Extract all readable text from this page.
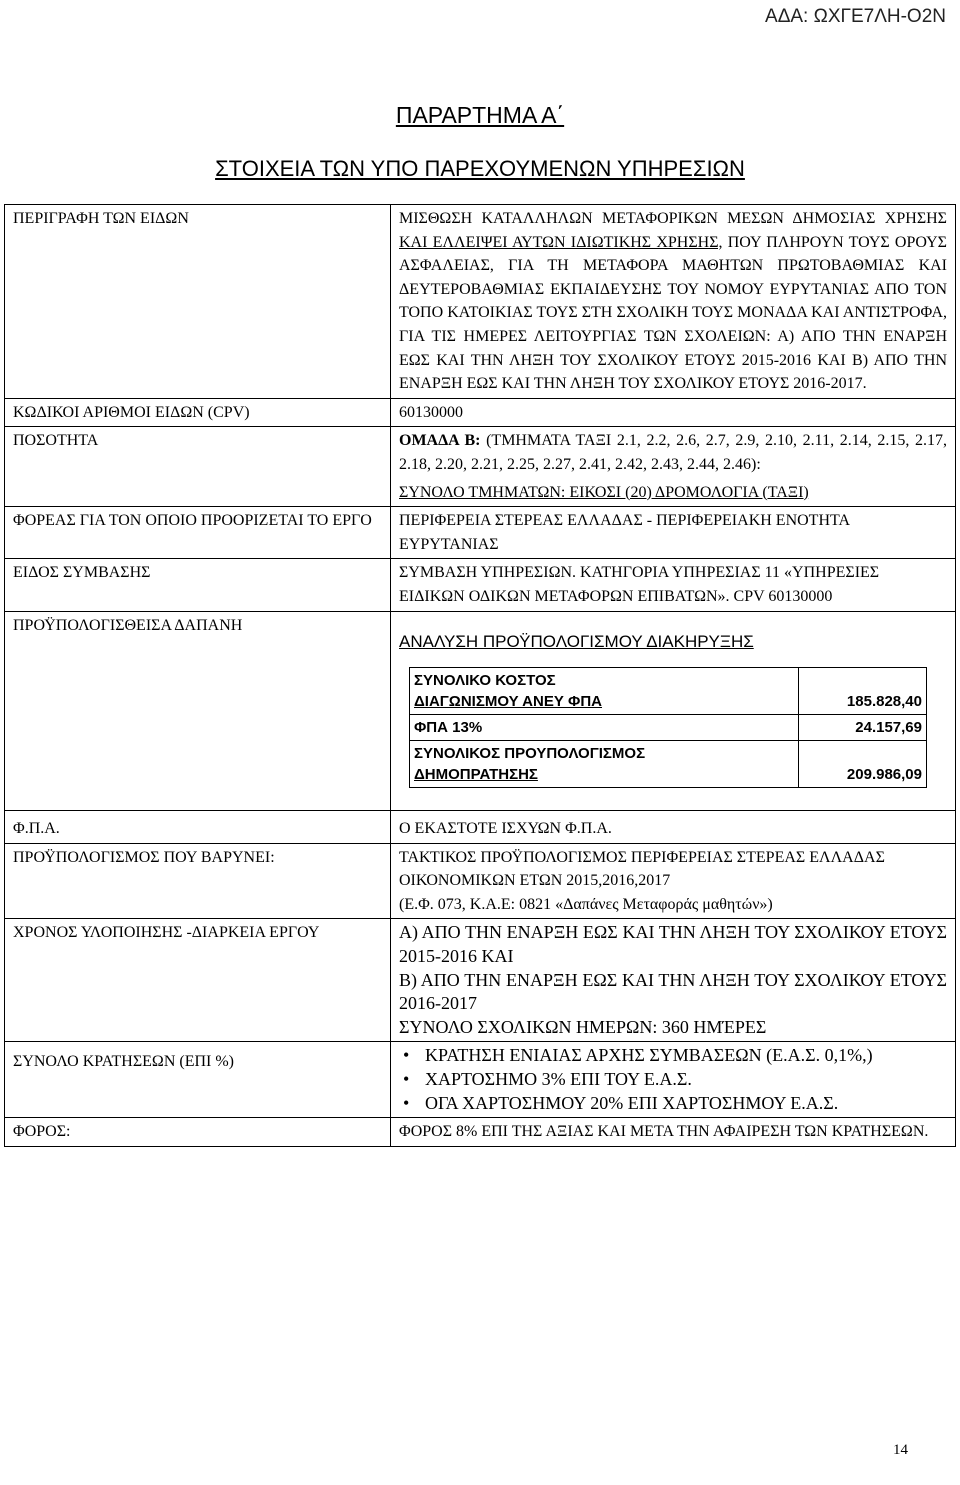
ΑΔΑ: ΩΧΓΕ7ΛΗ-Ο2Ν
ΠΑΡΑΡΤΗΜΑ Α΄
ΣΤΟΙΧΕΙΑ ΤΩΝ ΥΠΟ ΠΑΡΕΧΟΥΜΕΝΩΝ ΥΠΗΡΕΣΙΩΝ
ΠΕΡΙΓΡΑΦΗ ΤΩΝ ΕΙΔΩΝ	ΜΙΣΘΩΣΗ ΚΑΤΑΛΛΗΛΩΝ ΜΕΤΑΦΟΡΙΚΩΝ ΜΕΣΩΝ ΔΗΜΟΣΙΑΣ ΧΡΗΣΗΣ ΚΑΙ ΕΛΛΕΙΨΕΙ ΑΥΤΩΝ ΙΔΙΩΤΙΚΗΣ ΧΡΗΣΗΣ, ΠΟΥ ΠΛΗΡΟΥΝ ΤΟΥΣ ΟΡΟΥΣ ΑΣΦΑΛΕΙΑΣ, ΓΙΑ ΤΗ ΜΕΤΑΦΟΡΑ ΜΑΘΗΤΩΝ ΠΡΩΤΟΒΑΘΜΙΑΣ ΚΑΙ ΔΕΥΤΕΡΟΒΑΘΜΙΑΣ ΕΚΠΑΙΔΕΥΣΗΣ ΤΟΥ ΝΟΜΟΥ ΕΥΡΥΤΑΝΙΑΣ ΑΠΟ ΤΟΝ ΤΟΠΟ ΚΑΤΟΙΚΙΑΣ ΤΟΥΣ ΣΤΗ ΣΧΟΛΙΚΗ ΤΟΥΣ ΜΟΝΑΔΑ ΚΑΙ ΑΝΤΙΣΤΡΟΦΑ, ΓΙΑ ΤΙΣ ΗΜΕΡΕΣ ΛΕΙΤΟΥΡΓΙΑΣ ΤΩΝ ΣΧΟΛΕΙΩΝ: Α) ΑΠΟ ΤΗΝ ΕΝΑΡΞΗ ΕΩΣ ΚΑΙ ΤΗΝ ΛΗΞΗ ΤΟΥ ΣΧΟΛΙΚΟΥ ΕΤΟΥΣ 2015-2016 ΚΑΙ Β) ΑΠΟ ΤΗΝ ΕΝΑΡΞΗ ΕΩΣ ΚΑΙ ΤΗΝ ΛΗΞΗ ΤΟΥ ΣΧΟΛΙΚΟΥ ΕΤΟΥΣ 2016-2017.
ΚΩΔΙΚΟΙ ΑΡΙΘΜΟΙ ΕΙΔΩΝ (CPV)	60130000
ΠΟΣΟΤΗΤΑ	ΟΜΑΔΑ Β: (ΤΜΗΜΑΤΑ ΤΑΞΙ 2.1, 2.2, 2.6, 2.7, 2.9, 2.10, 2.11, 2.14, 2.15, 2.17, 2.18, 2.20, 2.21, 2.25, 2.27, 2.41, 2.42, 2.43, 2.44, 2.46):

ΣΥΝΟΛΟ ΤΜΗΜΑΤΩΝ: ΕΙΚΟΣΙ (20) ΔΡΟΜΟΛΟΓΙΑ (ΤΑΞΙ)

ΦΟΡΕΑΣ ΓΙΑ ΤΟΝ ΟΠΟΙΟ ΠΡΟΟΡΙΖΕΤΑΙ ΤΟ ΕΡΓΟ	ΠΕΡΙΦΕΡΕΙΑ ΣΤΕΡΕΑΣ ΕΛΛΑΔΑΣ - ΠΕΡΙΦΕΡΕΙΑΚΗ ΕΝΟΤΗΤΑ ΕΥΡΥΤΑΝΙΑΣ
ΕΙΔΟΣ ΣΥΜΒΑΣΗΣ	ΣΥΜΒΑΣΗ ΥΠΗΡΕΣΙΩΝ. ΚΑΤΗΓΟΡΙΑ ΥΠΗΡΕΣΙΑΣ 11 «ΥΠΗΡΕΣΙΕΣ ΕΙΔΙΚΩΝ ΟΔΙΚΩΝ ΜΕΤΑΦΟΡΩΝ ΕΠΙΒΑΤΩΝ». CPV 60130000
ΠΡΟΫΠΟΛΟΓΙΣΘΕΙΣΑ ΔΑΠΑΝΗ	
ΑΝΑΛΥΣΗ ΠΡΟΫΠΟΛΟΓΙΣΜΟΥ ΔΙΑΚΗΡΥΞΗΣ
ΣΥΝΟΛΙΚΟ ΚΟΣΤΟΣ
ΔΙΑΓΩΝΙΣΜΟΥ ΑΝΕΥ ΦΠΑ	185.828,40
ΦΠΑ 13%	24.157,69
ΣΥΝΟΛΙΚΟΣ ΠΡΟΥΠΟΛΟΓΙΣΜΟΣ
ΔΗΜΟΠΡΑΤΗΣΗΣ	209.986,09

Φ.Π.Α.	Ο ΕΚΑΣΤΟΤΕ ΙΣΧΥΩΝ Φ.Π.Α.
ΠΡΟΫΠΟΛΟΓΙΣΜΟΣ ΠΟΥ ΒΑΡΥΝΕΙ:	ΤΑΚΤΙΚΟΣ ΠΡΟΫΠΟΛΟΓΙΣΜΟΣ ΠΕΡΙΦΕΡΕΙΑΣ ΣΤΕΡΕΑΣ ΕΛΛΑΔΑΣ ΟΙΚΟΝΟΜΙΚΩΝ ΕΤΩΝ 2015,2016,2017
(Ε.Φ. 073, Κ.Α.Ε: 0821 «Δαπάνες Μεταφοράς μαθητών»)
ΧΡΟΝΟΣ ΥΛΟΠΟΙΗΣΗΣ -ΔΙΑΡΚΕΙΑ ΕΡΓΟΥ	Α) ΑΠΟ ΤΗΝ ΕΝΑΡΞΗ ΕΩΣ ΚΑΙ ΤΗΝ ΛΗΞΗ ΤΟΥ ΣΧΟΛΙΚΟΥ ΕΤΟΥΣ 2015-2016 ΚΑΙ
Β) ΑΠΟ ΤΗΝ ΕΝΑΡΞΗ ΕΩΣ ΚΑΙ ΤΗΝ ΛΗΞΗ ΤΟΥ ΣΧΟΛΙΚΟΥ ΕΤΟΥΣ 2016-2017
ΣΥΝΟΛΟ ΣΧΟΛΙΚΩΝ ΗΜΕΡΩΝ: 360 ΗΜΈΡΕΣ
ΣΥΝΟΛΟ ΚΡΑΤΗΣΕΩΝ (ΕΠΙ %)	
•ΚΡΑΤΗΣΗ ΕΝΙΑΙΑΣ ΑΡΧΗΣ ΣΥΜΒΑΣΕΩΝ (Ε.Α.Σ. 0,1%,)
• ΧΑΡΤΟΣΗΜΟ 3% ΕΠΙ ΤΟΥ Ε.Α.Σ.
• ΟΓΑ ΧΑΡΤΟΣΗΜΟΥ 20% ΕΠΙ ΧΑΡΤΟΣΗΜΟΥ Ε.Α.Σ.

ΦΟΡΟΣ:	ΦΟΡΟΣ 8% ΕΠΙ ΤΗΣ ΑΞΙΑΣ ΚΑΙ ΜΕΤΑ ΤΗΝ ΑΦΑΙΡΕΣΗ ΤΩΝ ΚΡΑΤΗΣΕΩΝ.
14
